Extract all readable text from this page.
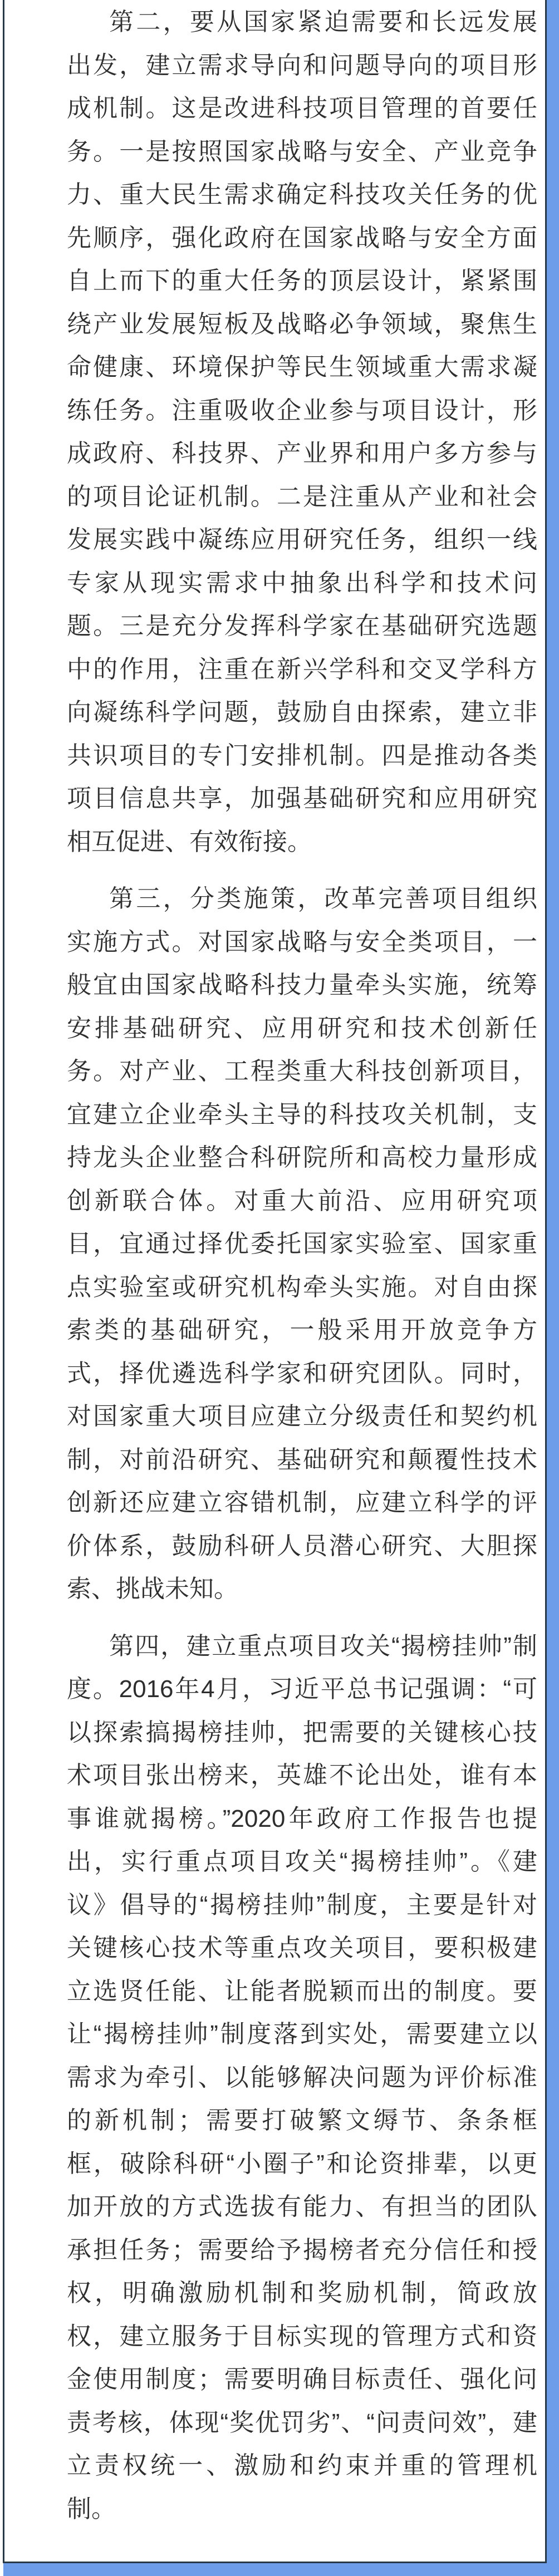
第二，要从国家紧迫需要和长远发展
出发，建立需求导向和问题导向的项目形
成机制。这是改进科技项目管理的首要任
务。一是按照国家战略与安全、产业竞争
力、重大民生需求确定科技攻关任务的优
先顺序，强化政府在国家战略与安全方面
自上而下的重大任务的顶层设计，紧紧围
绕产业发展短板及战略必争领域，聚焦生
命健康、环境保护等民生领域重大需求凝
练任务。注重吸收企业参与项目设计，形
成政府、科技界、产业界和用户多方参与
的项目论证机制。二是注重从产业和社会
发展实践中凝练应用研究任务，组织一线
专家从现实需求中抽象出科学和技术问
题。三是充分发挥科学家在基础研究选题
中的作用，注重在新兴学科和交叉学科方
向凝练科学问题，鼓励自由探索，建立非
共识项目的专门安排机制。四是推动各类
项目信息共享，加强基础研究和应用研究
相互促进、有效衔接。
第三，分类施策，改革完善项目组织
实施方式。对国家战略与安全类项目，一
般宜由国家战略科技力量牵头实施，统筹
安排基础研究、应用研究和技术创新任
务。对产业、工程类重大科技创新项目，
宜建立企业牵头主导的科技攻关机制，支
持龙头企业整合科研院所和高校力量形成
创新联合体。对重大前沿、应用研究项
目，宜通过择优委托国家实验室、国家重
点实验室或研究机构牵头实施。对自由探
索类的基础研究，一般采用开放竞争方
式，择优遴选科学家和研究团队。同时，
对国家重大项目应建立分级责任和契约机
制，对前沿研究、基础研究和颠覆性技术
创新还应建立容错机制，应建立科学的评
价体系，鼓励科研人员潜心研究、大胆探
索、挑战未知。
第四，建立重点项目攻关“揭榜挂帅”制
度。2016年4月，习近平总书记强调：“可
以探索搞揭榜挂帅，把需要的关键核心技
术项目张出榜来，英雄不论出处，谁有本
事谁就揭榜。”2020年政府工作报告也提
出，实行重点项目攻关“揭榜挂帅”。《建
议》倡导的“揭榜挂帅”制度，主要是针对
关键核心技术等重点攻关项目，要积极建
立选贤任能、让能者脱颖而出的制度。要
让“揭榜挂帅”制度落到实处，需要建立以
需求为牵引、以能够解决问题为评价标准
的新机制；需要打破繁文缛节、条条框
框，破除科研“小圈子”和论资排辈，以更
加开放的方式选拔有能力、有担当的团队
承担任务；需要给予揭榜者充分信任和授
权，明确激励机制和奖励机制，简政放
权，建立服务于目标实现的管理方式和资
金使用制度；需要明确目标责任、强化问
责考核，体现“奖优罚劣”、“问责问效”，建
立责权统一、激励和约束并重的管理机
制。
